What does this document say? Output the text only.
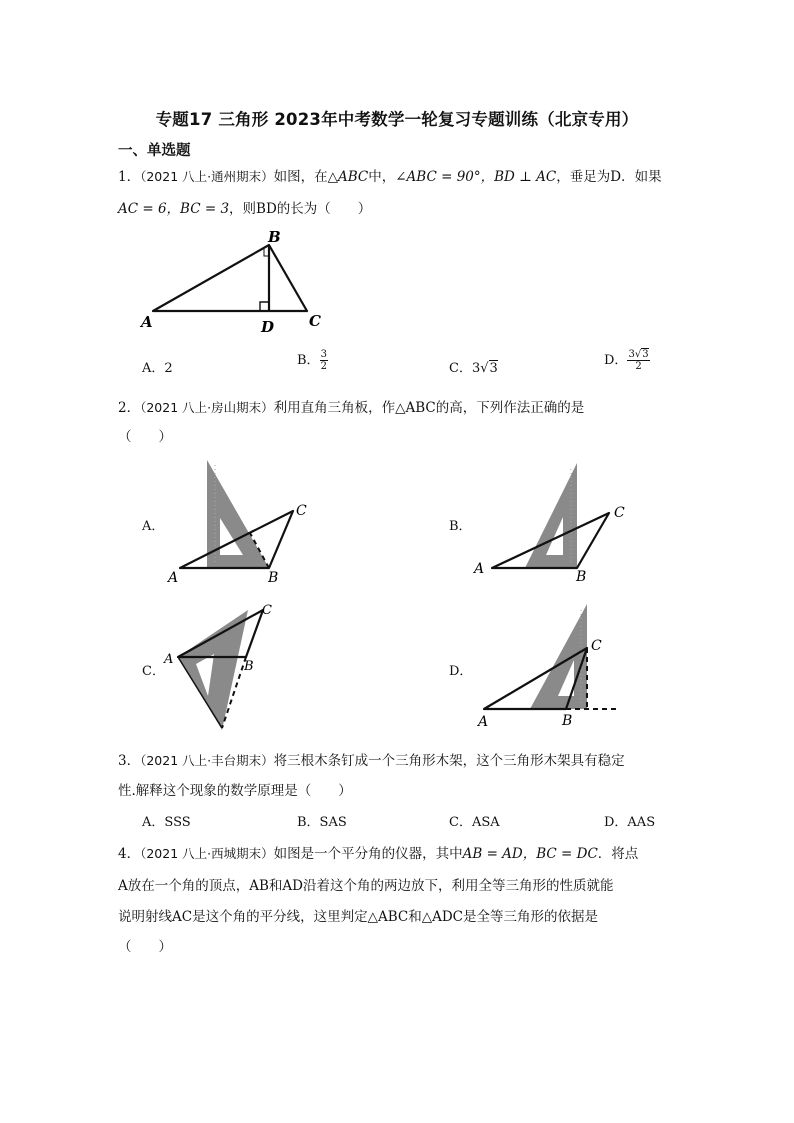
专题17 三角形 2023年中考数学一轮复习专题训练（北京专用）
一、单选题
1．（2021 八上·通州期末）如图，在△ABC中，∠ABC = 90°，BD ⊥ AC，垂足为D．如果
AC = 6，BC = 3，则BD的长为（　　）
A
B
C
D
A．2
B． $\frac{3}{2}$	C．3√3
D． $\frac{3√3}{2}$
2．（2021 八上·房山期末）利用直角三角板，作△ABC的高，下列作法正确的是
（　　）
A．	B．
C．	D．
A	B
C
A	B
C
A	B
C
A	B
C
3．（2021 八上·丰台期末）将三根木条钉成一个三角形木架，这个三角形木架具有稳定
性.解释这个现象的数学原理是（　　）
A．SSS	B．SAS	C．ASA	D．AAS
4．（2021 八上·西城期末）如图是一个平分角的仪器，其中AB = AD，BC = DC．将点
A放在一个角的顶点，AB和AD沿着这个角的两边放下，利用全等三角形的性质就能
说明射线AC是这个角的平分线，这里判定△ABC和△ADC是全等三角形的依据是
（　　）
